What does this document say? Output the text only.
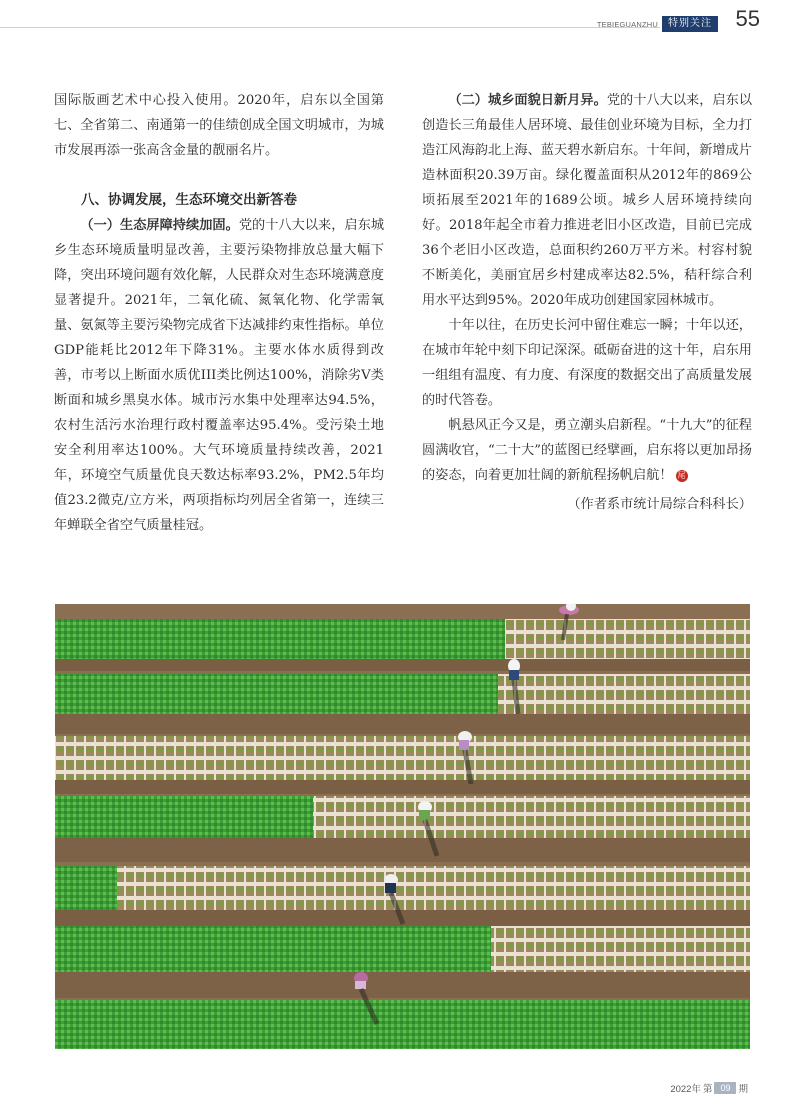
TEBIEGUANZHU	特别关注 55

国际版画艺术中心投入使用。2020年，启东以全国第七、全省第二、南通第一的佳绩创成全国文明城市，为城市发展再添一张高含金量的靓丽名片。

八、协调发展，生态环境交出新答卷

（一）生态屏障持续加固。党的十八大以来，启东城乡生态环境质量明显改善，主要污染物排放总量大幅下降，突出环境问题有效化解，人民群众对生态环境满意度显著提升。2021年，二氧化硫、氮氧化物、化学需氧量、氨氮等主要污染物完成省下达减排约束性指标。单位GDP能耗比2012年下降31%。主要水体水质得到改善，市考以上断面水质优III类比例达100%，消除劣Ⅴ类断面和城乡黑臭水体。城市污水集中处理率达94.5%，农村生活污水治理行政村覆盖率达95.4%。受污染土地安全利用率达100%。大气环境质量持续改善，2021年，环境空气质量优良天数达标率93.2%，PM2.5年均值23.2微克/立方米，两项指标均列居全省第一，连续三年蝉联全省空气质量桂冠。

（二）城乡面貌日新月异。党的十八大以来，启东以创造长三角最佳人居环境、最佳创业环境为目标，全力打造江风海韵北上海、蓝天碧水新启东。十年间，新增成片造林面积20.39万亩。绿化覆盖面积从2012年的869公顷拓展至2021年的1689公顷。城乡人居环境持续向好。2018年起全市着力推进老旧小区改造，目前已完成36个老旧小区改造，总面积约260万平方米。村容村貌不断美化，美丽宜居乡村建成率达82.5%，秸秆综合利用水平达到95%。2020年成功创建国家园林城市。

十年以往，在历史长河中留住难忘一瞬；十年以还，在城市年轮中刻下印记深深。砥砺奋进的这十年，启东用一组组有温度、有力度、有深度的数据交出了高质量发展的时代答卷。

帆悬风正今又是，勇立潮头启新程。“十九大”的征程圆满收官，“二十大”的蓝图已经擘画，启东将以更加昂扬的姿态，向着更加壮阔的新航程扬帆启航！ 尾

（作者系市统计局综合科科长）

2022年 第 09 期
